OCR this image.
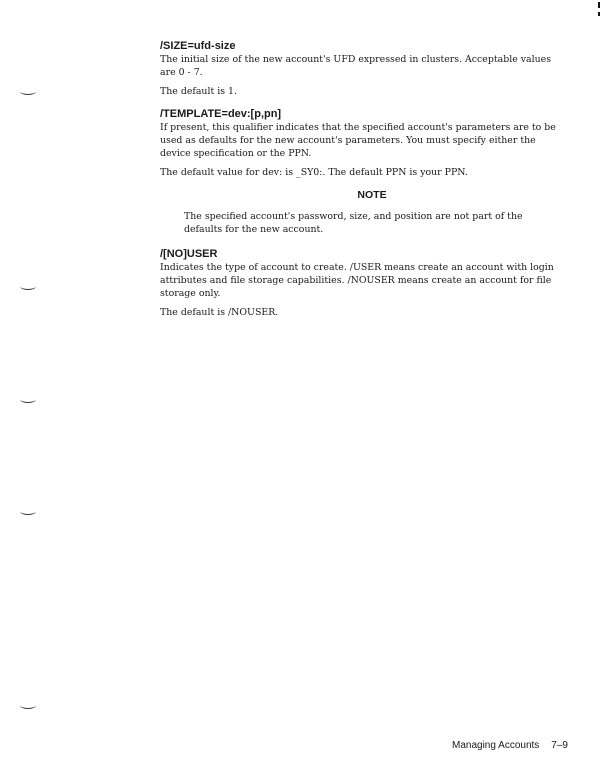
/SIZE=ufd-size

The initial size of the new account's UFD expressed in clusters. Acceptable values are 0 - 7.

The default is 1.

/TEMPLATE=dev:[p,pn]

If present, this qualifier indicates that the specified account's parameters are to be used as defaults for the new account's parameters. You must specify either the device specification or the PPN.

The default value for dev: is _SY0:. The default PPN is your PPN.

NOTE

The specified account's password, size, and position are not part of the defaults for the new account.

/[NO]USER

Indicates the type of account to create. /USER means create an account with login attributes and file storage capabilities. /NOUSER means create an account for file storage only.

The default is /NOUSER.

Managing Accounts 7–9
